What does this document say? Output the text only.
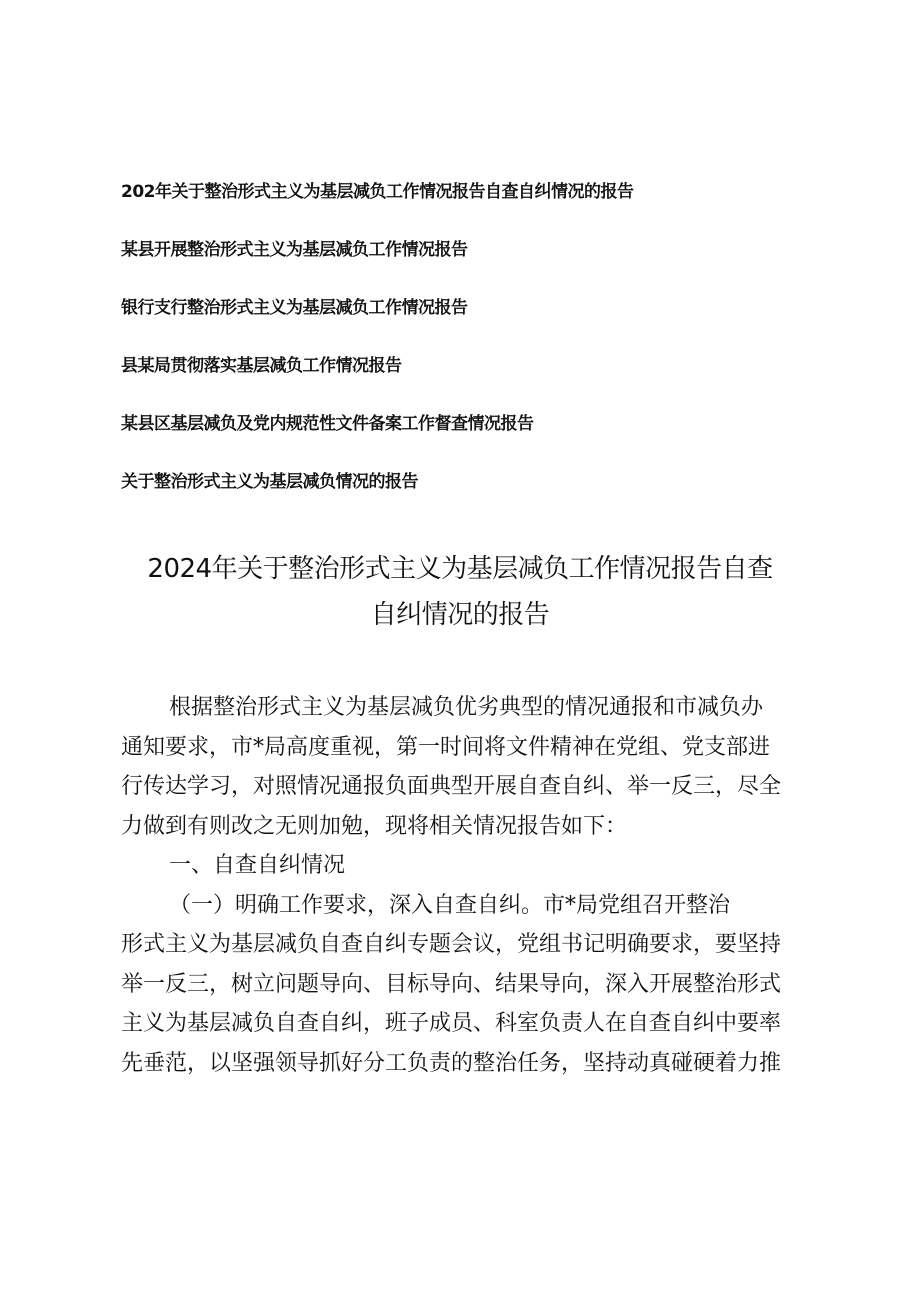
202年关于整治形式主义为基层减负工作情况报告自查自纠情况的报告
某县开展整治形式主义为基层减负工作情况报告
银行支行整治形式主义为基层减负工作情况报告
县某局贯彻落实基层减负工作情况报告
某县区基层减负及党内规范性文件备案工作督查情况报告
关于整治形式主义为基层减负情况的报告
2024年关于整治形式主义为基层减负工作情况报告自查
自纠情况的报告
根据整治形式主义为基层减负优劣典型的情况通报和市减负办
通知要求，市*局高度重视，第一时间将文件精神在党组、党支部进
行传达学习，对照情况通报负面典型开展自查自纠、举一反三，尽全
力做到有则改之无则加勉，现将相关情况报告如下：
一、自查自纠情况
（一）明确工作要求，深入自查自纠。市*局党组召开整治
形式主义为基层减负自查自纠专题会议，党组书记明确要求，要坚持
举一反三，树立问题导向、目标导向、结果导向，深入开展整治形式
主义为基层减负自查自纠，班子成员、科室负责人在自查自纠中要率
先垂范，以坚强领导抓好分工负责的整治任务，坚持动真碰硬着力推
